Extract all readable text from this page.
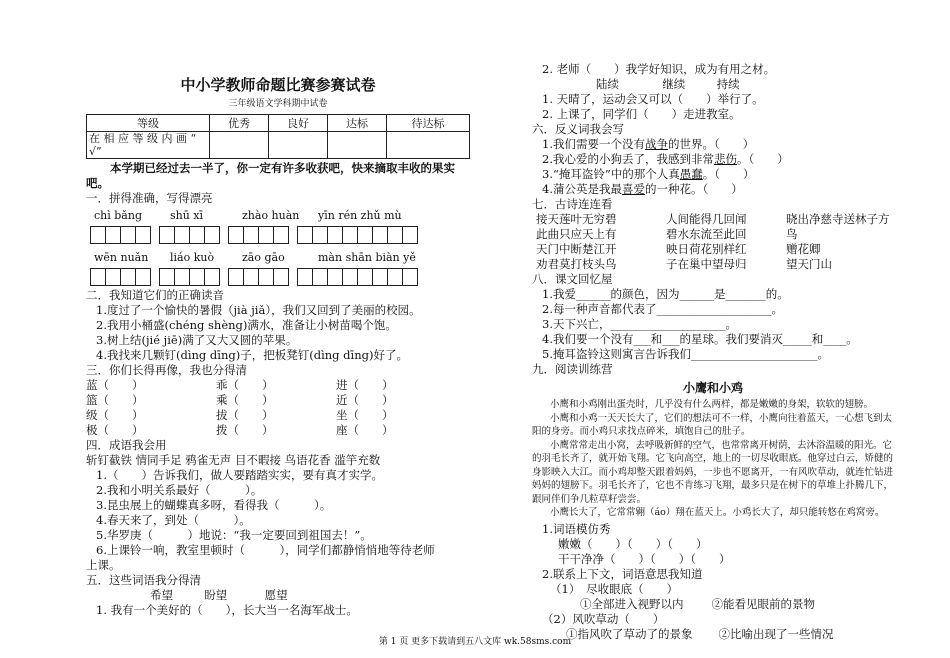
中小学教师命题比赛参赛试卷
三年级语文学科期中试卷
等级	优秀	良好	达标	待达标
在 相 应 等 级 内 画 “ √”				
本学期已经过去一半了，你一定有许多收获吧，快来摘取丰收的果实吧。
一．拼得准确，写得漂亮
chì bǎng	shū xī	zhào huàn	yīn rén zhǔ mù
wēn nuǎn	liáo kuò	zāo gāo	màn shān biàn yě
二．我知道它们的正确读音
1.度过了一个愉快的暑假（jià jiǎ），我们又回到了美丽的校园。
2.我用小桶盛(chéng shèng)满水，准备让小树苗喝个饱。
3.树上结(jié jiē)满了又大又圆的苹果。
4.我找来几颗钉(dìng dīng)子，把板凳钉(dìng dīng)好了。
三．你们长得再像，我也分得清
蓝（　　）	乖（　　）	进（　　）
篮（　　）	乘（　　）	近（　　）
级（　　）	拔（　　）	坐（　　）
极（　　）	拨（　　）	座（　　）
四．成语我会用
斩钉截铁 情同手足 鸦雀无声 目不暇接 鸟语花香 滥竽充数
1.（　　）告诉我们，做人要踏踏实实，要有真才实学。
2.我和小明关系最好（　　　）。
3.昆虫展上的蝴蝶真多呀，看得我（　　　）。
4.春天来了，到处（　　　）。
5.华罗庚（　　　）地说：“我一定要回到祖国去！”。
6.上课铃一响，教室里顿时（　　　），同学们都静悄悄地等待老师
上课。
五．这些词语我分得清
希望	盼望	愿望
1. 我有一个美好的（　　），长大当一名海军战士。
2. 老师（　　）我学好知识，成为有用之材。
陆续	继续	持续
1. 天晴了，运动会又可以（　　）举行了。
2. 上课了，同学们（　　）走进教室。
六．反义词我会写
1.我们需要一个没有战争的世界。（　　）
2.我心爱的小狗丢了，我感到非常悲伤。（　　）
3.“掩耳盗铃”中的那个人真愚蠢。（　　）
4.蒲公英是我最喜爱的一种花。（　　）
七．古诗连连看
接天莲叶无穷碧	人间能得几回闻	晓出净慈寺送林子方
此曲只应天上有	碧水东流至此回	鸟
天门中断楚江开	映日荷花别样红	赠花卿
劝君莫打枝头鸟	子在巢中望母归	望天门山
八．课文回忆屋
1.我爱______的颜色，因为______是_______的。
2.每一种声音都代表了____________________。
3.天下兴亡，____________________。
4.我们要一个没有___和___的星球。我们要消灭_____和____。
5.掩耳盗铃这则寓言告诉我们______________________。
九．阅读训练营
小鹰和小鸡
小鹰和小鸡刚出蛋壳时，几乎没有什么两样，都是嫩嫩的身架，软软的翅膀。
小鹰和小鸡一天天长大了，它们的想法可不一样，小鹰向往着蓝天，一心想飞到太阳的身旁。而小鸡只求找点碎米，填饱自己的肚子。
小鹰常常走出小窝，去呼吸新鲜的空气，也常常离开树荫，去沐浴温暖的阳光。它的羽毛长齐了，就开始飞翔。它飞向高空，地上的一切尽收眼底。他穿过白云，矫健的身影映入大江。而小鸡却整天跟着妈妈，一步也不愿离开，一有风吹草动，就连忙钻进妈妈的翅膀下。羽毛长齐了，它也不肯练习飞翔，最多只是在树下的草堆上扑腾几下，跟同伴们争几粒草籽尝尝。
小鹰长大了，它常常翱（áo）翔在蓝天上。小鸡长大了，却只能转悠在鸡窝旁。
1.词语模仿秀
嫩嫩（　　）（　　）（　　）
干干净净（　　）（　　）（　　）
2.联系上下文，词语意思我知道
（1）　尽收眼底（　　）
①全部进入视野以内 ②能看见眼前的景物
（2）风吹草动（　　）
①指风吹了草动了的景象 ②比喻出现了一些情况
第 1 页 更多下载请到五八文库 wk.58sms.com
